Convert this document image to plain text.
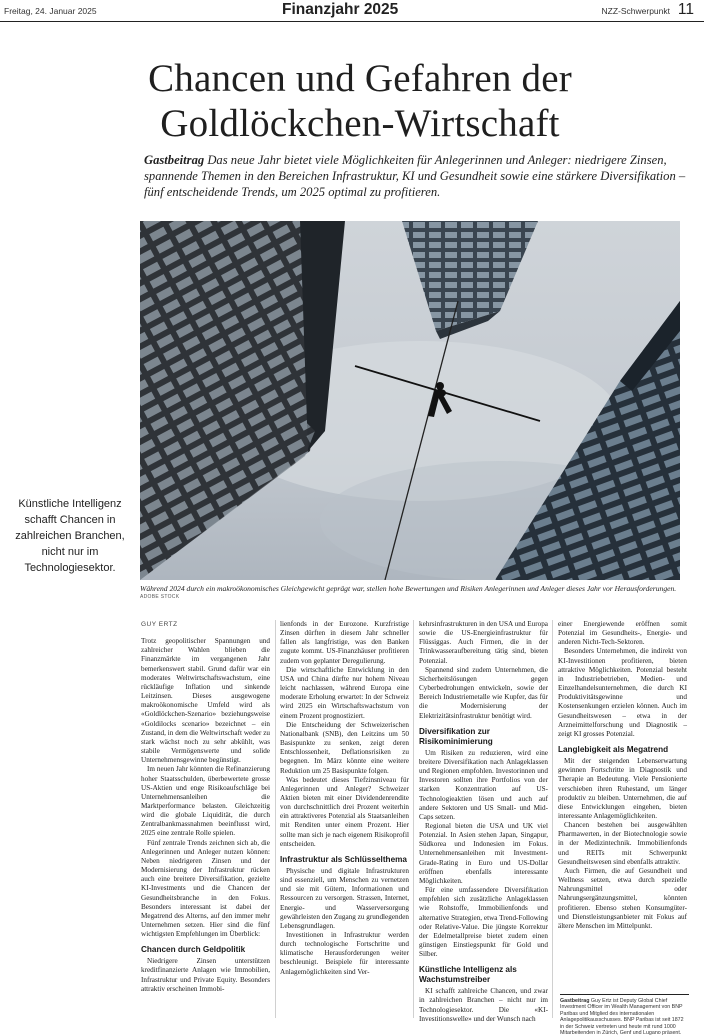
Freitag, 24. Januar 2025	Finanzjahr 2025	NZZ-Schwerpunkt 11
Chancen und Gefahren der Goldlöckchen-Wirtschaft
Gastbeitrag Das neue Jahr bietet viele Möglichkeiten für Anlegerinnen und Anleger: niedrigere Zinsen, spannende Themen in den Bereichen Infrastruktur, KI und Gesundheit sowie eine stärkere Diversifikation – fünf entscheidende Trends, um 2025 optimal zu profitieren.
Während 2024 durch ein makroökonomisches Gleichgewicht geprägt war, stellen hohe Bewertungen und Risiken Anlegerinnen und Anleger dieses Jahr vor Herausforderungen.
ADOBE STOCK
Künstliche Intelligenz schafft Chancen in zahlreichen Branchen, nicht nur im Technologiesektor.
GUY ERTZ

Trotz geopolitischer Spannungen und zahlreicher Wahlen blieben die Finanzmärkte im vergangenen Jahr bemerkenswert stabil. Grund dafür war ein moderates Weltwirtschaftswachstum, eine rückläufige Inflation und sinkende Leitzinsen. Dieses ausgewogene makroökonomische Umfeld wird als «Goldlöckchen-Szenario» beziehungsweise «Goldilocks scenario» bezeichnet – ein Zustand, in dem die Weltwirtschaft weder zu stark wächst noch zu sehr abkühlt, was stabile Vermögenswerte und solide Unternehmensgewinne begünstigt.

Im neuen Jahr könnten die Refinanzierung hoher Staatsschulden, überbewertete grosse US-Aktien und enge Risikoaufschläge bei Unternehmensanleihen die Marktperformance belasten. Gleichzeitig wird die globale Liquidität, die durch Zentralbankmassnahmen beeinflusst wird, 2025 eine zentrale Rolle spielen.

Fünf zentrale Trends zeichnen sich ab, die Anlegerinnen und Anleger nutzen können: Neben niedrigeren Zinsen und der Modernisierung der Infrastruktur rücken auch eine breitere Diversifikation, gezielte KI-Investments und die Chancen der Gesundheitsbranche in den Fokus. Besonders interessant ist dabei der Megatrend des Alterns, auf den immer mehr Unternehmen setzen. Hier sind die fünf wichtigsten Empfehlungen im Überblick:

Chancen durch Geldpolitik

Niedrigere Zinsen unterstützen kreditfinanzierte Anlagen wie Immobilien, Infrastruktur und Private Equity. Besonders attraktiv erscheinen Immobi-

lienfonds in der Eurozone. Kurzfristige Zinsen dürften in diesem Jahr schneller fallen als langfristige, was den Banken zugute kommt. US-Finanzhäuser profitieren zudem von geplanter Deregulierung.

Die wirtschaftliche Entwicklung in den USA und China dürfte nur hohem Niveau leicht nachlassen, während Europa eine moderate Erholung erwartet: In der Schweiz wird 2025 ein Wirtschaftswachstum von einem Prozent prognostiziert.

Die Entscheidung der Schweizerischen Nationalbank (SNB), den Leitzins um 50 Basispunkte zu senken, zeigt deren Entschlossenheit, Deflationsrisiken zu begegnen. Im März könnte eine weitere Reduktion um 25 Basispunkte folgen.

Was bedeutet dieses Tiefzinsniveau für Anlegerinnen und Anleger? Schweizer Aktien bieten mit einer Dividendenrendite von durchschnittlich drei Prozent weiterhin ein attraktiveres Potenzial als Staatsanleihen mit Renditen unter einem Prozent. Hier sollte man sich je nach eigenem Risikoprofil entscheiden.

Infrastruktur als Schlüsselthema

Physische und digitale Infrastrukturen sind essenziell, um Menschen zu vernetzen und sie mit Gütern, Informationen und Ressourcen zu versorgen. Strassen, Internet, Energie- und Wasserversorgung gewährleisten den Zugang zu grundlegenden Lebensgrundlagen.

Investitionen in Infrastruktur werden durch technologische Fortschritte und klimatische Herausforderungen weiter beschleunigt. Beispiele für interessante Anlagemöglichkeiten sind Ver-

kehrsinfrastrukturen in den USA und Europa sowie die US-Energieinfrastruktur für Flüssiggas. Auch Firmen, die in der Trinkwasseraufbereitung tätig sind, bieten Potenzial.

Spannend sind zudem Unternehmen, die Sicherheitslösungen gegen Cyberbedrohungen entwickeln, sowie der Bereich Industriemetalle wie Kupfer, das für die Modernisierung der Elektrizitätsinfrastruktur benötigt wird.

Diversifikation zur Risikominimierung

Um Risiken zu reduzieren, wird eine breitere Diversifikation nach Anlageklassen und Regionen empfohlen. Investorinnen und Investoren sollten ihre Portfolios von der starken Konzentration auf US-Technologieaktien lösen und auch auf andere Sektoren und US Small- und Mid-Caps setzen.

Regional bieten die USA und UK viel Potenzial. In Asien stehen Japan, Singapur, Südkorea und Indonesien im Fokus. Unternehmensanleihen mit Investment-Grade-Rating in Euro und US-Dollar eröffnen ebenfalls interessante Möglichkeiten.

Für eine umfassendere Diversifikation empfehlen sich zusätzliche Anlageklassen wie Rohstoffe, Immobilienfonds und alternative Strategien, etwa Trend-Following oder Relative-Value. Die jüngste Korrektur der Edelmetallpreise bietet zudem einen günstigen Einstiegspunkt für Gold und Silber.

Künstliche Intelligenz als Wachstumstreiber

KI schafft zahlreiche Chancen, und zwar in zahlreichen Branchen – nicht nur im Technologiesektor. Die «KI-Investitionswelle» und der Wunsch nach

einer Energiewende eröffnen somit Potenzial im Gesundheits-, Energie- und anderen Nicht-Tech-Sektoren.

Besonders Unternehmen, die indirekt von KI-Investitionen profitieren, bieten attraktive Möglichkeiten. Potenzial besteht in Industriebetrieben, Medien- und Einzelhandelsunternehmen, die durch KI Produktivitätsgewinne und Kostensenkungen erzielen können. Auch im Gesundheitswesen – etwa in der Arzneimittelforschung und Diagnostik – zeigt KI grosses Potenzial.

Langlebigkeit als Megatrend

Mit der steigenden Lebenserwartung gewinnen Fortschritte in Diagnostik und Therapie an Bedeutung. Viele Pensionierte verschieben ihren Ruhestand, um länger produktiv zu bleiben. Unternehmen, die auf diese Entwicklungen eingehen, bieten interessante Anlagemöglichkeiten.

Chancen bestehen bei ausgewählten Pharmawerten, in der Biotechnologie sowie in der Medizintechnik. Immobilienfonds und REITs mit Schwerpunkt Gesundheitswesen sind ebenfalls attraktiv.

Auch Firmen, die auf Gesundheit und Wellness setzen, etwa durch spezielle Nahrungsmittel oder Nahrungsergänzungsmittel, könnten profitieren. Ebenso stehen Konsumgüter- und Dienstleistungsanbieter mit Fokus auf ältere Menschen im Mittelpunkt.

Gastbeitrag Guy Ertz ist Deputy Global Chief Investment Officer im Wealth Management von BNP Paribas und Mitglied des internationalen Anlagepolitikausschusses. BNP Paribas ist seit 1872 in der Schweiz vertreten und heute mit rund 1000 Mitarbeitenden in Zürich, Genf und Lugano präsent.
